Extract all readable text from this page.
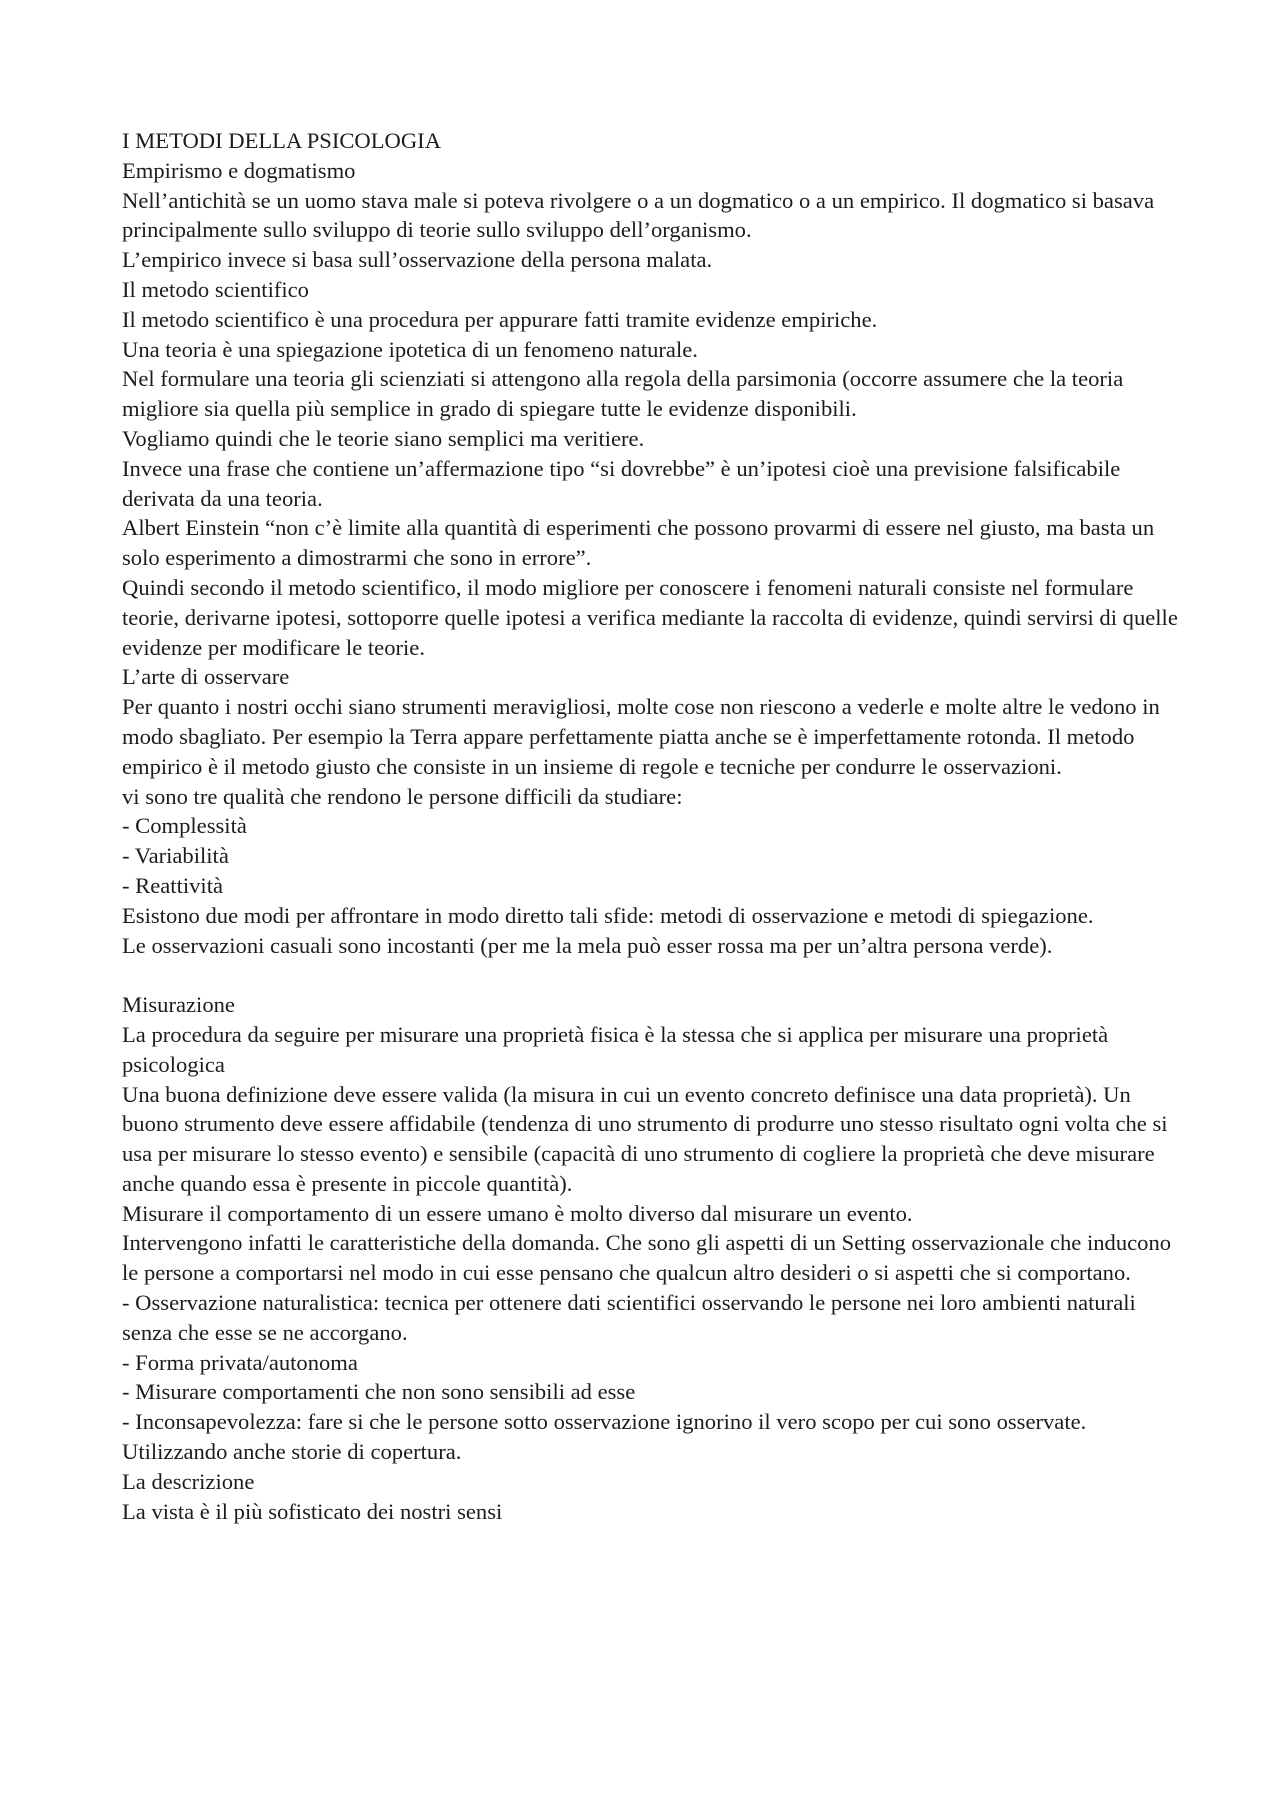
I METODI DELLA PSICOLOGIA

Empirismo e dogmatismo

Nell’antichità se un uomo stava male si poteva rivolgere o a un dogmatico o a un empirico. Il dogmatico si basava principalmente sullo sviluppo di teorie sullo sviluppo dell’organismo.

L’empirico invece si basa sull’osservazione della persona malata.

Il metodo scientifico

Il metodo scientifico è una procedura per appurare fatti tramite evidenze empiriche.

Una teoria è una spiegazione ipotetica di un fenomeno naturale.

Nel formulare una teoria gli scienziati si attengono alla regola della parsimonia (occorre assumere che la teoria migliore sia quella più semplice in grado di spiegare tutte le evidenze disponibili.

Vogliamo quindi che le teorie siano semplici ma veritiere.

Invece una frase che contiene un’affermazione tipo “si dovrebbe” è un’ipotesi cioè una previsione falsificabile derivata da una teoria.

Albert Einstein “non c’è limite alla quantità di esperimenti che possono provarmi di essere nel giusto, ma basta un solo esperimento a dimostrarmi che sono in errore”.

Quindi secondo il metodo scientifico, il modo migliore per conoscere i fenomeni naturali consiste nel formulare teorie, derivarne ipotesi, sottoporre quelle ipotesi a verifica mediante la raccolta di evidenze, quindi servirsi di quelle evidenze per modificare le teorie.

L’arte di osservare

Per quanto i nostri occhi siano strumenti meravigliosi, molte cose non riescono a vederle e molte altre le vedono in modo sbagliato. Per esempio la Terra appare perfettamente piatta anche se è imperfettamente rotonda. Il metodo empirico è il metodo giusto che consiste in un insieme di regole e tecniche per condurre le osservazioni.

vi sono tre qualità che rendono le persone difficili da studiare:

- Complessità

- Variabilità

- Reattività

Esistono due modi per affrontare in modo diretto tali sfide: metodi di osservazione e metodi di spiegazione.

Le osservazioni casuali sono incostanti (per me la mela può esser rossa ma per un’altra persona verde).

Misurazione

La procedura da seguire per misurare una proprietà fisica è la stessa che si applica per misurare una proprietà psicologica

Una buona definizione deve essere valida (la misura in cui un evento concreto definisce una data proprietà). Un buono strumento deve essere affidabile (tendenza di uno strumento di produrre uno stesso risultato ogni volta che si usa per misurare lo stesso evento) e sensibile (capacità di uno strumento di cogliere la proprietà che deve misurare anche quando essa è presente in piccole quantità).

Misurare il comportamento di un essere umano è molto diverso dal misurare un evento.

Intervengono infatti le caratteristiche della domanda. Che sono gli aspetti di un Setting osservazionale che inducono le persone a comportarsi nel modo in cui esse pensano che qualcun altro desideri o si aspetti che si comportano.

- Osservazione naturalistica: tecnica per ottenere dati scientifici osservando le persone nei loro ambienti naturali senza che esse se ne accorgano.

- Forma privata/autonoma

- Misurare comportamenti che non sono sensibili ad esse

- Inconsapevolezza: fare si che le persone sotto osservazione ignorino il vero scopo per cui sono osservate. Utilizzando anche storie di copertura.

La descrizione

La vista è il più sofisticato dei nostri sensi
